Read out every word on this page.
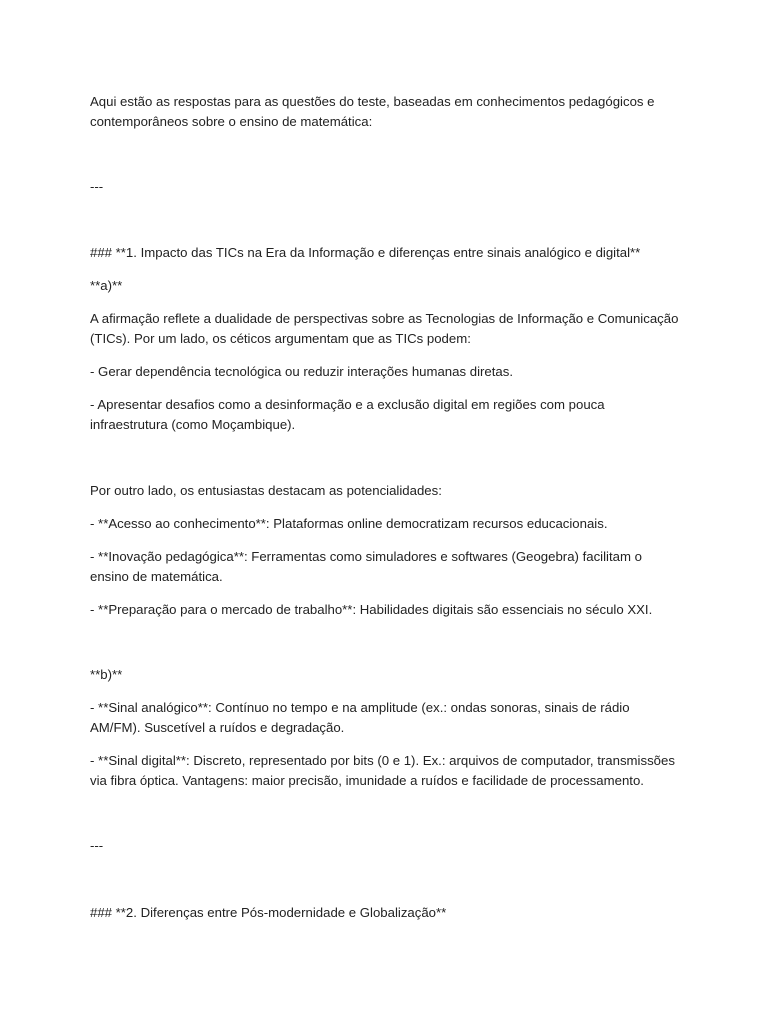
Aqui estão as respostas para as questões do teste, baseadas em conhecimentos pedagógicos e contemporâneos sobre o ensino de matemática:

---

### **1. Impacto das TICs na Era da Informação e diferenças entre sinais analógico e digital**

**a)**

A afirmação reflete a dualidade de perspectivas sobre as Tecnologias de Informação e Comunicação (TICs). Por um lado, os céticos argumentam que as TICs podem:

- Gerar dependência tecnológica ou reduzir interações humanas diretas.

- Apresentar desafios como a desinformação e a exclusão digital em regiões com pouca infraestrutura (como Moçambique).

Por outro lado, os entusiastas destacam as potencialidades:

- **Acesso ao conhecimento**: Plataformas online democratizam recursos educacionais.

- **Inovação pedagógica**: Ferramentas como simuladores e softwares (Geogebra) facilitam o ensino de matemática.

- **Preparação para o mercado de trabalho**: Habilidades digitais são essenciais no século XXI.

**b)**

- **Sinal analógico**: Contínuo no tempo e na amplitude (ex.: ondas sonoras, sinais de rádio AM/FM). Suscetível a ruídos e degradação.

- **Sinal digital**: Discreto, representado por bits (0 e 1). Ex.: arquivos de computador, transmissões via fibra óptica. Vantagens: maior precisão, imunidade a ruídos e facilidade de processamento.

---

### **2. Diferenças entre Pós-modernidade e Globalização**
